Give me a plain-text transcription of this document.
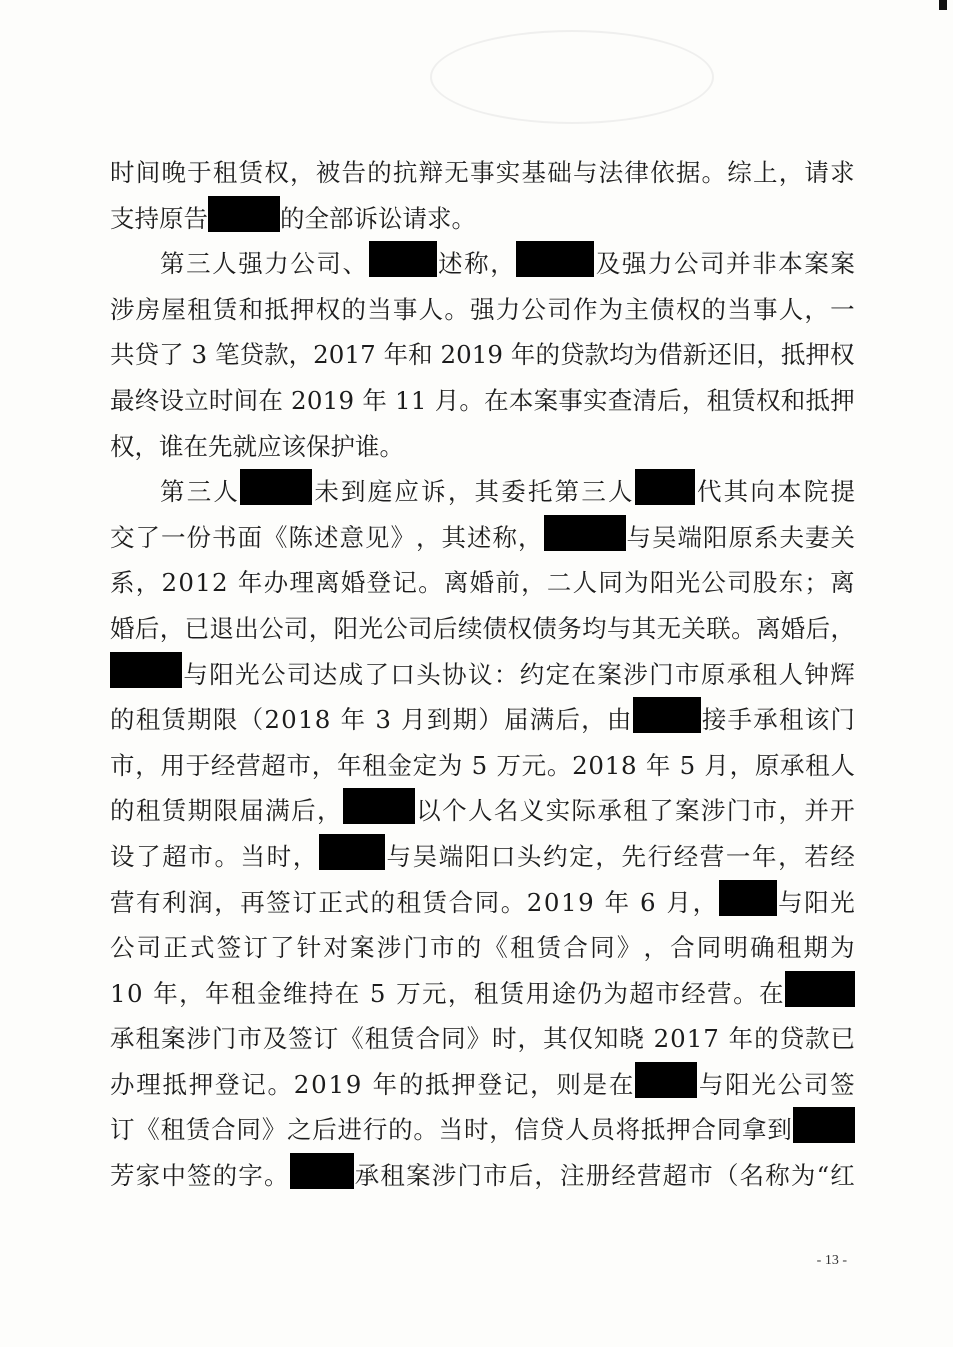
时 间 晚 于 租 赁 权 ， 被 告 的 抗 辩 无 事 实 基 础 与 法 律 依 据 。 综 上 ， 请 求
支 持 原 告	的 全 部 诉 讼 请 求 。
第 三 人 强 力 公 司 、	述 称 ，	及 强 力 公 司 并 非 本 案 案
涉 房 屋 租 赁 和 抵 押 权 的 当 事 人 。 强 力 公 司 作 为 主 债 权 的 当 事 人 ， 一
共 贷 了
3
笔 贷 款 ， 2 0 1 7
年 和
2 0 1 9
年 的 贷 款 均 为 借 新 还 旧 ， 抵 押 权
最 终 设 立 时 间 在
2 0 1 9
年
1 1
月 。 在 本 案 事 实 查 清 后 ， 租 赁 权 和 抵 押
权 ， 谁 在 先 就 应 该 保 护 谁 。
第 三 人	未 到 庭 应 诉 ， 其 委 托 第 三 人	代 其 向 本 院 提
交 了 一 份 书 面 《 陈 述 意 见 》 ， 其 述 称 ，	与 吴 端 阳 原 系 夫 妻 关
系 ， 2 0 1 2
年 办 理 离 婚 登 记 。 离 婚 前 ， 二 人 同 为 阳 光 公 司 股 东 ； 离
婚 后 ， 已 退 出 公 司 ， 阳 光 公 司 后 续 债 权 债 务 均 与 其 无 关 联 。 离 婚 后 ，
与 阳 光 公 司 达 成 了 口 头 协 议 ： 约 定 在 案 涉 门 市 原 承 租 人 钟 辉
的 租 赁 期 限 （ 2 0 1 8
年
3
月 到 期 ） 届 满 后 ， 由	接 手 承 租 该 门
市 ， 用 于 经 营 超 市 ， 年 租 金 定 为
5
万 元 。 2 0 1 8
年
5
月 ， 原 承 租 人
的 租 赁 期 限 届 满 后 ，	以 个 人 名 义 实 际 承 租 了 案 涉 门 市 ， 并 开
设 了 超 市 。 当 时 ，	与 吴 端 阳 口 头 约 定 ， 先 行 经 营 一 年 ， 若 经
营 有 利 润 ， 再 签 订 正 式 的 租 赁 合 同 。 2 0 1 9
年
6
月 ， 与 阳 光
公 司 正 式 签 订 了 针 对 案 涉 门 市 的 《 租 赁 合 同 》 ， 合 同 明 确 租 期 为
1 0
年 ， 年 租 金 维 持 在
5
万 元 ， 租 赁 用 途 仍 为 超 市 经 营 。 在
承 租 案 涉 门 市 及 签 订 《 租 赁 合 同 》 时 ， 其 仅 知 晓
2 0 1 7
年 的 贷 款 已
办 理 抵 押 登 记 。 2 0 1 9
年 的 抵 押 登 记 ， 则 是 在	与 阳 光 公 司 签
订 《 租 赁 合 同 》 之 后 进 行 的 。 当 时 ， 信 贷 人 员 将 抵 押 合 同 拿 到
芳 家 中 签 的 字 。	承 租 案 涉 门 市 后 ， 注 册 经 营 超 市 （ 名 称 为 “ 红
- 13 -
